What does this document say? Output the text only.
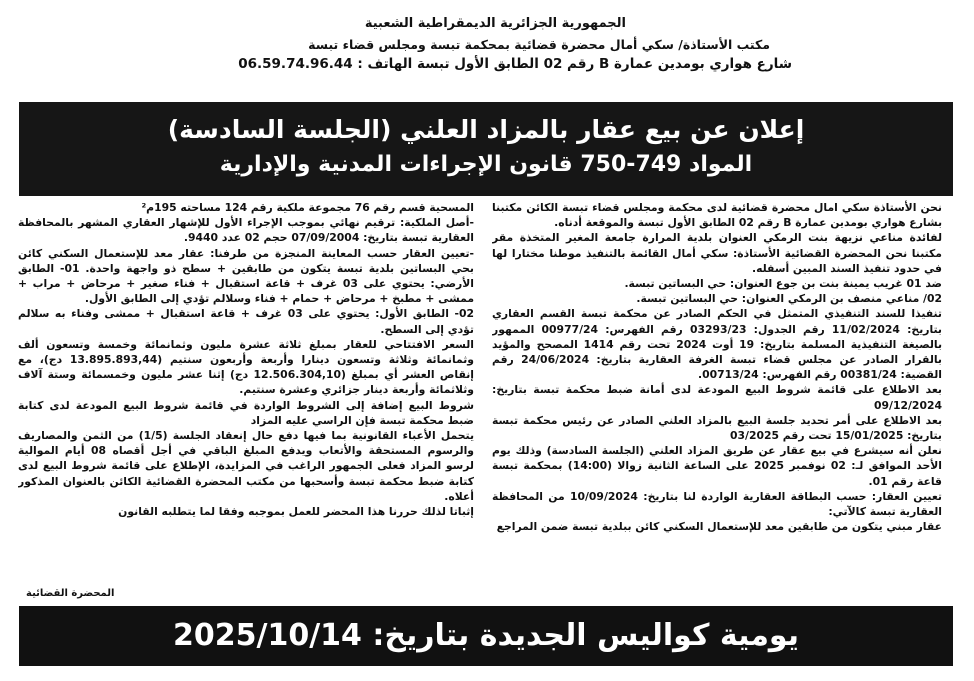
الجمهورية الجزائرية الديمقراطية الشعبية
مكتب الأستاذة/ سكي أمال محضرة قضائية بمحكمة تبسة ومجلس قضاء تبسة
شارع هواري بومدين عمارة B رقم 02 الطابق الأول تبسة الهاتف : 06.59.74.96.44
إعلان عن بيع عقار بالمزاد العلني (الجلسة السادسة)
المواد 749-750 قانون الإجراءات المدنية والإدارية

نحن الأستاذة سكي امال محضرة قضائية لدى محكمة ومجلس قضاء تبسة الكائن مكتبنا بشارع هواري بومدين عمارة B رقم 02 الطابق الأول تبسة والموقعة أدناه.

لفائدة مناعي نزيهة بنت الرمكي العنوان بلدية المرارة جامعة المغير المتخذة مقر مكتبنا نحن المحضرة القضائية الأستاذة: سكي أمال القائمة بالتنفيذ موطنا مختارا لها في حدود تنفيذ السند المبين أسفله.

ضد 01 غريب يمينة بنت بن جوع العنوان: حي البساتين تبسة.

02/ مناعي منصف بن الرمكي العنوان: حي البساتين تبسة.

تنفيذا للسند التنفيذي المتمثل في الحكم الصادر عن محكمة تبسة القسم العقاري بتاريخ: 11/02/2024 رقم الجدول: 03293/23 رقم الفهرس: 00977/24 الممهور بالصيغة التنفيذية المسلمة بتاريخ: 19 أوت 2024 تحت رقم 1414 المصحح والمؤيد بالقرار الصادر عن مجلس قضاء تبسة الغرفة العقارية بتاريخ: 24/06/2024 رقم القضية: 00381/24 رقم الفهرس: 00713/24.

بعد الاطلاع على قائمة شروط البيع المودعة لدى أمانة ضبط محكمة تبسة بتاريخ: 09/12/2024

بعد الاطلاع على أمر تحديد جلسة البيع بالمزاد العلني الصادر عن رئيس محكمة تبسة بتاريخ: 15/01/2025 تحت رقم 03/2025

نعلن أنه سيشرع في بيع عقار عن طريق المزاد العلني (الجلسة السادسة) وذلك يوم الأحد الموافق لـ: 02 نوفمبر 2025 على الساعة الثانية زوالا (14:00) بمحكمة تبسة قاعة رقم 01.

تعيين العقار: حسب البطاقة العقارية الواردة لنا بتاريخ: 10/09/2024 من المحافظة العقارية تبسة كالآتي:

عقار مبني يتكون من طابقين معد للإستعمال السكني كائن ببلدية تبسة ضمن المراجع

المسحية قسم رقم 76 مجموعة ملكية رقم 124 مساحته 195م²

-أصل الملكية: ترقيم نهائي بموجب الإجراء الأول للإشهار العقاري المشهر بالمحافظة العقارية تبسة بتاريخ: 07/09/2004 حجم 02 عدد 9440.

-تعيين العقار حسب المعاينة المنجزة من طرفنا: عقار معد للإستعمال السكني كائن بحي البساتين بلدية تبسة يتكون من طابقين + سطح ذو واجهة واحدة. 01- الطابق الأرضي: يحتوي على 03 غرف + قاعة استقبال + فناء صغير + مرحاض + مراب + ممشى + مطبخ + مرحاض + حمام + فناء وسلالم تؤدي إلى الطابق الأول.

02- الطابق الأول: يحتوي على 03 غرف + قاعة استقبال + ممشى وفناء به سلالم تؤدي إلى السطح.

السعر الافتتاحي للعقار بمبلغ ثلاثة عشرة مليون وثمانمائة وخمسة وتسعون ألف وثمانمائة وثلاثة وتسعون دينارا وأربعة وأربعون سنتيم (13.895.893,44 دج)، مع إنقاص العشر أي بمبلغ (12.506.304,10 دج) إثنا عشر مليون وخمسمائة وستة آلاف وثلاثمائة وأربعة دينار جزائري وعشرة سنتيم.

شروط البيع إضافة إلى الشروط الواردة في قائمة شروط البيع المودعة لدى كتابة ضبط محكمة تبسة فإن الراسي عليه المزاد

يتحمل الأعباء القانونية بما فيها دفع حال إنعقاد الجلسة (1/5) من الثمن والمصاريف والرسوم المستحقة والأتعاب ويدفع المبلغ الباقي في أجل أقصاه 08 أيام الموالية لرسو المزاد فعلى الجمهور الراغب في المزايدة، الإطلاع على قائمة شروط البيع لدى كتابة ضبط محكمة تبسة وأسحبها من مكتب المحضرة القضائية الكائن بالعنوان المذكور أعلاه.

إثباتا لذلك حررنا هذا المحضر للعمل بموجبه وفقا لما يتطلبه القانون

المحضرة القضائية
يومية كواليس الجديدة بتاريخ: 2025/10/14
